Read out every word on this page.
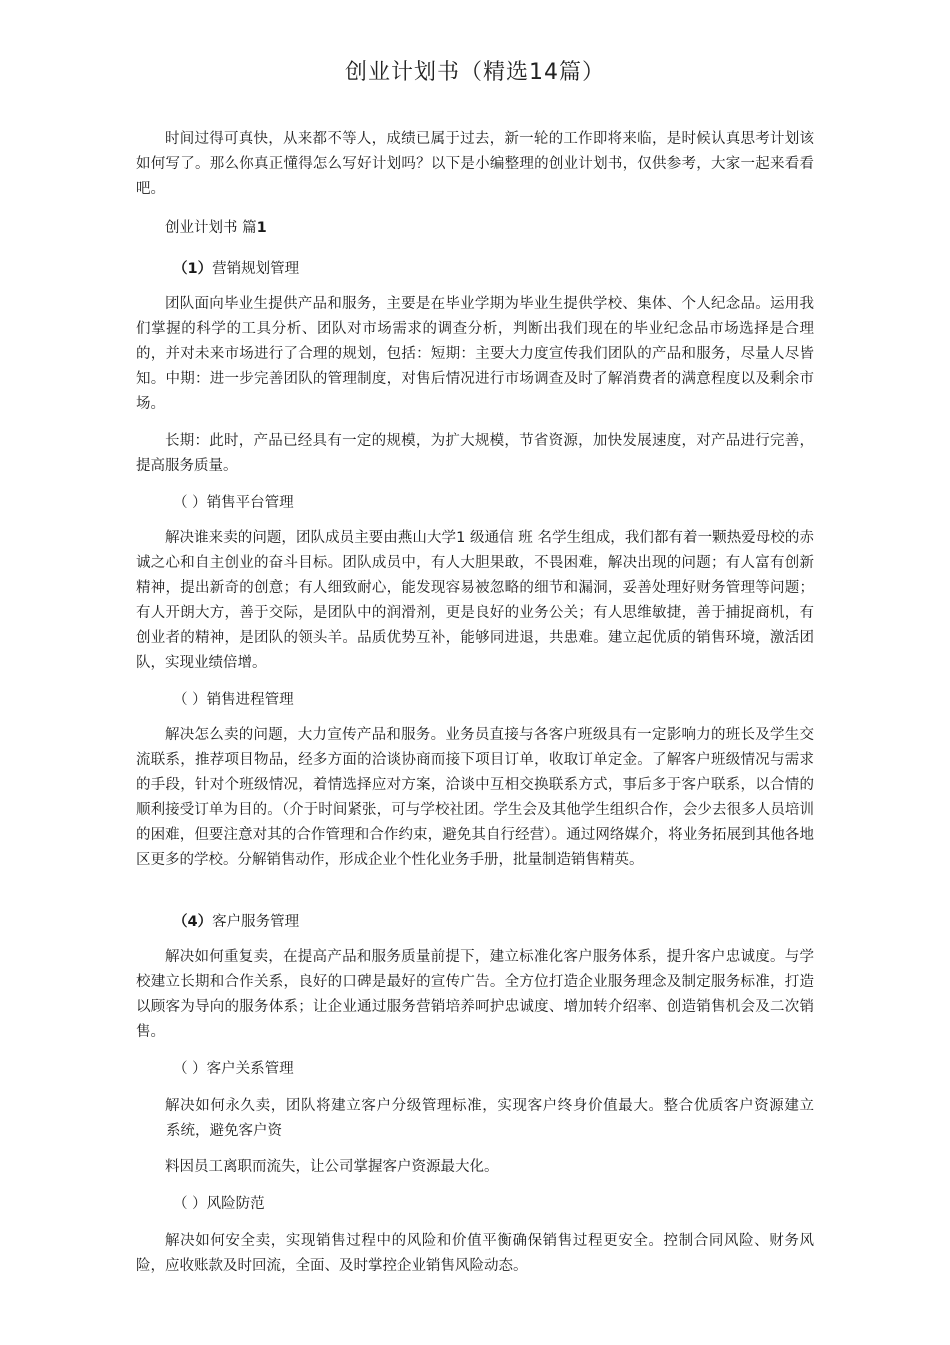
创业计划书（精选14篇）

时间过得可真快，从来都不等人，成绩已属于过去，新一轮的工作即将来临，是时候认真思考计划该如何写了。那么你真正懂得怎么写好计划吗？以下是小编整理的创业计划书，仅供参考，大家一起来看看吧。

创业计划书 篇1

（1）营销规划管理

团队面向毕业生提供产品和服务，主要是在毕业学期为毕业生提供学校、集体、个人纪念品。运用我们掌握的科学的工具分析、团队对市场需求的调查分析，判断出我们现在的毕业纪念品市场选择是合理的，并对未来市场进行了合理的规划，包括：短期：主要大力度宣传我们团队的产品和服务，尽量人尽皆知。中期：进一步完善团队的管理制度，对售后情况进行市场调查及时了解消费者的满意程度以及剩余市场。

长期：此时，产品已经具有一定的规模，为扩大规模，节省资源，加快发展速度，对产品进行完善，提高服务质量。

（ ）销售平台管理

解决谁来卖的问题，团队成员主要由燕山大学1 级通信 班 名学生组成，我们都有着一颗热爱母校的赤诚之心和自主创业的奋斗目标。团队成员中，有人大胆果敢，不畏困难，解决出现的问题；有人富有创新精神，提出新奇的创意；有人细致耐心，能发现容易被忽略的细节和漏洞，妥善处理好财务管理等问题；有人开朗大方，善于交际，是团队中的润滑剂，更是良好的业务公关；有人思维敏捷，善于捕捉商机，有创业者的精神，是团队的领头羊。品质优势互补，能够同进退，共患难。建立起优质的销售环境，激活团队，实现业绩倍增。

（ ）销售进程管理

解决怎么卖的问题，大力宣传产品和服务。业务员直接与各客户班级具有一定影响力的班长及学生交流联系，推荐项目物品，经多方面的洽谈协商而接下项目订单，收取订单定金。了解客户班级情况与需求的手段，针对个班级情况，着情选择应对方案，洽谈中互相交换联系方式，事后多于客户联系，以合情的顺利接受订单为目的。（介于时间紧张，可与学校社团。学生会及其他学生组织合作，会少去很多人员培训的困难，但要注意对其的合作管理和合作约束，避免其自行经营）。通过网络媒介，将业务拓展到其他各地区更多的学校。分解销售动作，形成企业个性化业务手册，批量制造销售精英。

（4）客户服务管理

解决如何重复卖，在提高产品和服务质量前提下，建立标准化客户服务体系，提升客户忠诚度。与学校建立长期和合作关系，良好的口碑是最好的宣传广告。全方位打造企业服务理念及制定服务标准，打造以顾客为导向的服务体系；让企业通过服务营销培养呵护忠诚度、增加转介绍率、创造销售机会及二次销售。

（ ）客户关系管理

解决如何永久卖，团队将建立客户分级管理标准，实现客户终身价值最大。整合优质客户资源建立系统，避免客户资

料因员工离职而流失，让公司掌握客户资源最大化。

（ ）风险防范

解决如何安全卖，实现销售过程中的风险和价值平衡确保销售过程更安全。控制合同风险、财务风险，应收账款及时回流，全面、及时掌控企业销售风险动态。
